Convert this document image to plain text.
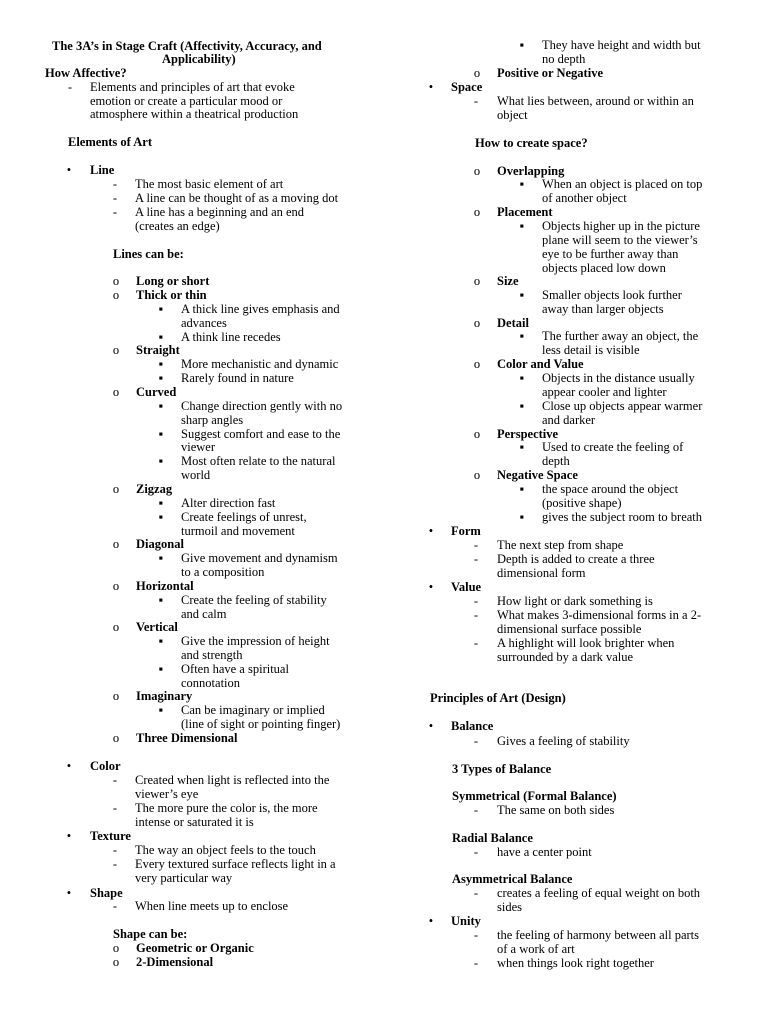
The 3A’s in Stage Craft (Affectivity, Accuracy, and
Applicability)
How Affective?
-	Elements and principles of art that evoke
emotion or create a particular mood or
atmosphere within a theatrical production
Elements of Art
•	Line
-	The most basic element of art
-	A line can be thought of as a moving dot
-	A line has a beginning and an end
(creates an edge)
Lines can be:
o	Long or short
o	Thick or thin
▪	A thick line gives emphasis and
advances
▪	A think line recedes
o	Straight
▪	More mechanistic and dynamic
▪	Rarely found in nature
o	Curved
▪	Change direction gently with no
sharp angles
▪	Suggest comfort and ease to the
viewer
▪	Most often relate to the natural
world
o	Zigzag
▪	Alter direction fast
▪	Create feelings of unrest,
turmoil and movement
o	Diagonal
▪	Give movement and dynamism
to a composition
o	Horizontal
▪	Create the feeling of stability
and calm
o	Vertical
▪	Give the impression of height
and strength
▪	Often have a spiritual
connotation
o	Imaginary
▪	Can be imaginary or implied
(line of sight or pointing finger)
o	Three Dimensional
•	Color
-	Created when light is reflected into the
viewer’s eye
-	The more pure the color is, the more
intense or saturated it is
•	Texture
-	The way an object feels to the touch
-	Every textured surface reflects light in a
very particular way
•	Shape
-	When line meets up to enclose
Shape can be:
o	Geometric or Organic
o	2-Dimensional
▪	They have height and width but
no depth
o	Positive or Negative
•	Space
-	What lies between, around or within an
object
How to create space?
o	Overlapping
▪	When an object is placed on top
of another object
o	Placement
▪	Objects higher up in the picture
plane will seem to the viewer’s
eye to be further away than
objects placed low down
o	Size
▪	Smaller objects look further
away than larger objects
o	Detail
▪	The further away an object, the
less detail is visible
o	Color and Value
▪	Objects in the distance usually
appear cooler and lighter
▪	Close up objects appear warmer
and darker
o	Perspective
▪	Used to create the feeling of
depth
o	Negative Space
▪	the space around the object
(positive shape)
▪	gives the subject room to breath
•	Form
-	The next step from shape
-	Depth is added to create a three
dimensional form
•	Value
-	How light or dark something is
-	What makes 3-dimensional forms in a 2-
dimensional surface possible
-	A highlight will look brighter when
surrounded by a dark value
Principles of Art (Design)
•	Balance
-	Gives a feeling of stability
3 Types of Balance
Symmetrical (Formal Balance)
-	The same on both sides
Radial Balance
-	have a center point
Asymmetrical Balance
-	creates a feeling of equal weight on both
sides
•	Unity
-	the feeling of harmony between all parts
of a work of art
-	when things look right together
